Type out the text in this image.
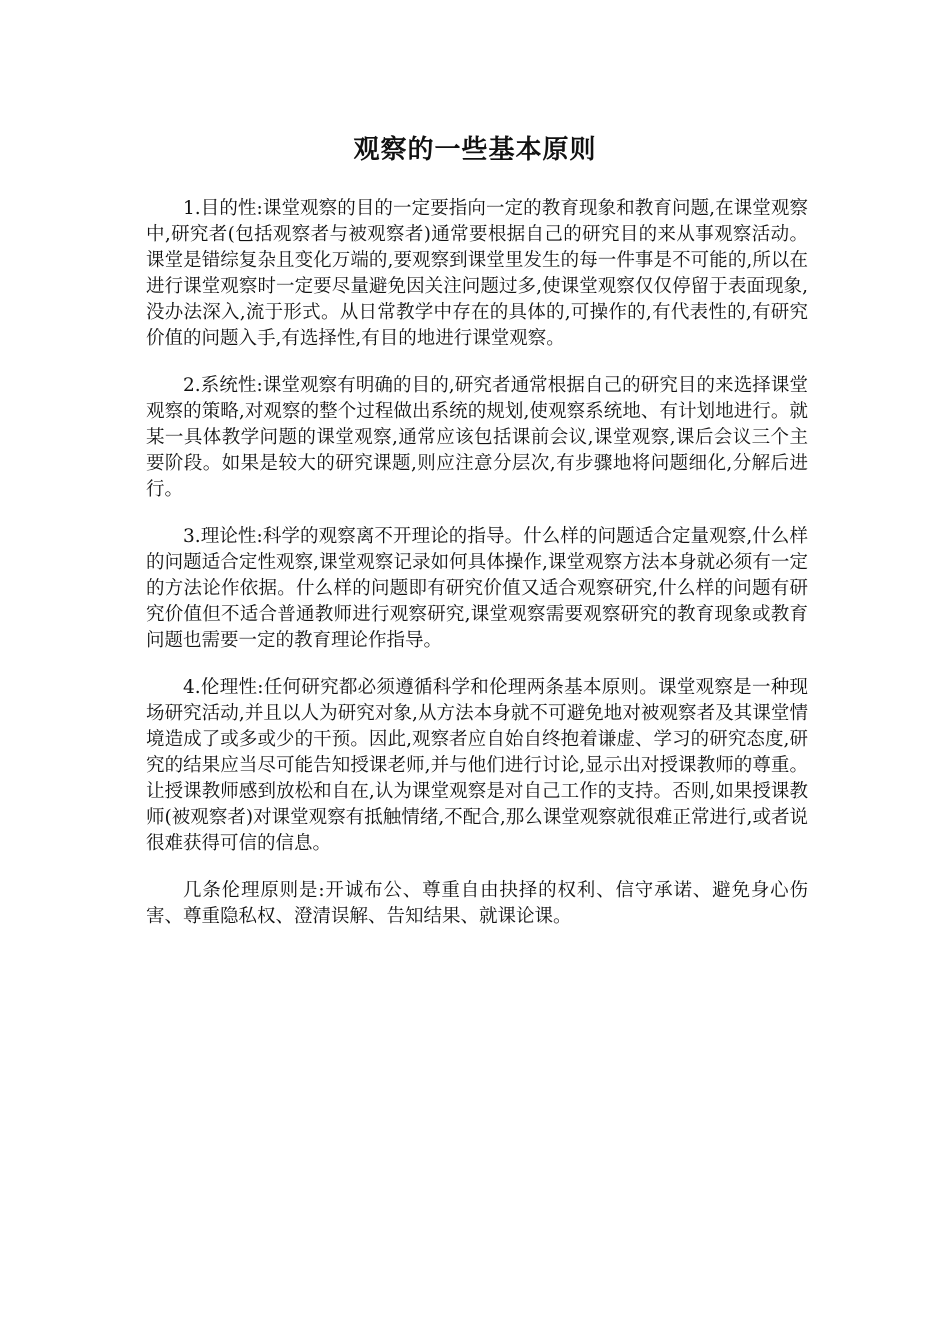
观察的一些基本原则

1.目的性:课堂观察的目的一定要指向一定的教育现象和教育问题,在课堂观察中,研究者(包括观察者与被观察者)通常要根据自己的研究目的来从事观察活动。课堂是错综复杂且变化万端的,要观察到课堂里发生的每一件事是不可能的,所以在进行课堂观察时一定要尽量避免因关注问题过多,使课堂观察仅仅停留于表面现象,没办法深入,流于形式。从日常教学中存在的具体的,可操作的,有代表性的,有研究价值的问题入手,有选择性,有目的地进行课堂观察。

2.系统性:课堂观察有明确的目的,研究者通常根据自己的研究目的来选择课堂观察的策略,对观察的整个过程做出系统的规划,使观察系统地、有计划地进行。就某一具体教学问题的课堂观察,通常应该包括课前会议,课堂观察,课后会议三个主要阶段。如果是较大的研究课题,则应注意分层次,有步骤地将问题细化,分解后进行。

3.理论性:科学的观察离不开理论的指导。什么样的问题适合定量观察,什么样的问题适合定性观察,课堂观察记录如何具体操作,课堂观察方法本身就必须有一定的方法论作依据。什么样的问题即有研究价值又适合观察研究,什么样的问题有研究价值但不适合普通教师进行观察研究,课堂观察需要观察研究的教育现象或教育问题也需要一定的教育理论作指导。

4.伦理性:任何研究都必须遵循科学和伦理两条基本原则。课堂观察是一种现场研究活动,并且以人为研究对象,从方法本身就不可避免地对被观察者及其课堂情境造成了或多或少的干预。因此,观察者应自始自终抱着谦虚、学习的研究态度,研究的结果应当尽可能告知授课老师,并与他们进行讨论,显示出对授课教师的尊重。让授课教师感到放松和自在,认为课堂观察是对自己工作的支持。否则,如果授课教师(被观察者)对课堂观察有抵触情绪,不配合,那么课堂观察就很难正常进行,或者说很难获得可信的信息。

几条伦理原则是:开诚布公、尊重自由抉择的权利、信守承诺、避免身心伤害、尊重隐私权、澄清误解、告知结果、就课论课。
